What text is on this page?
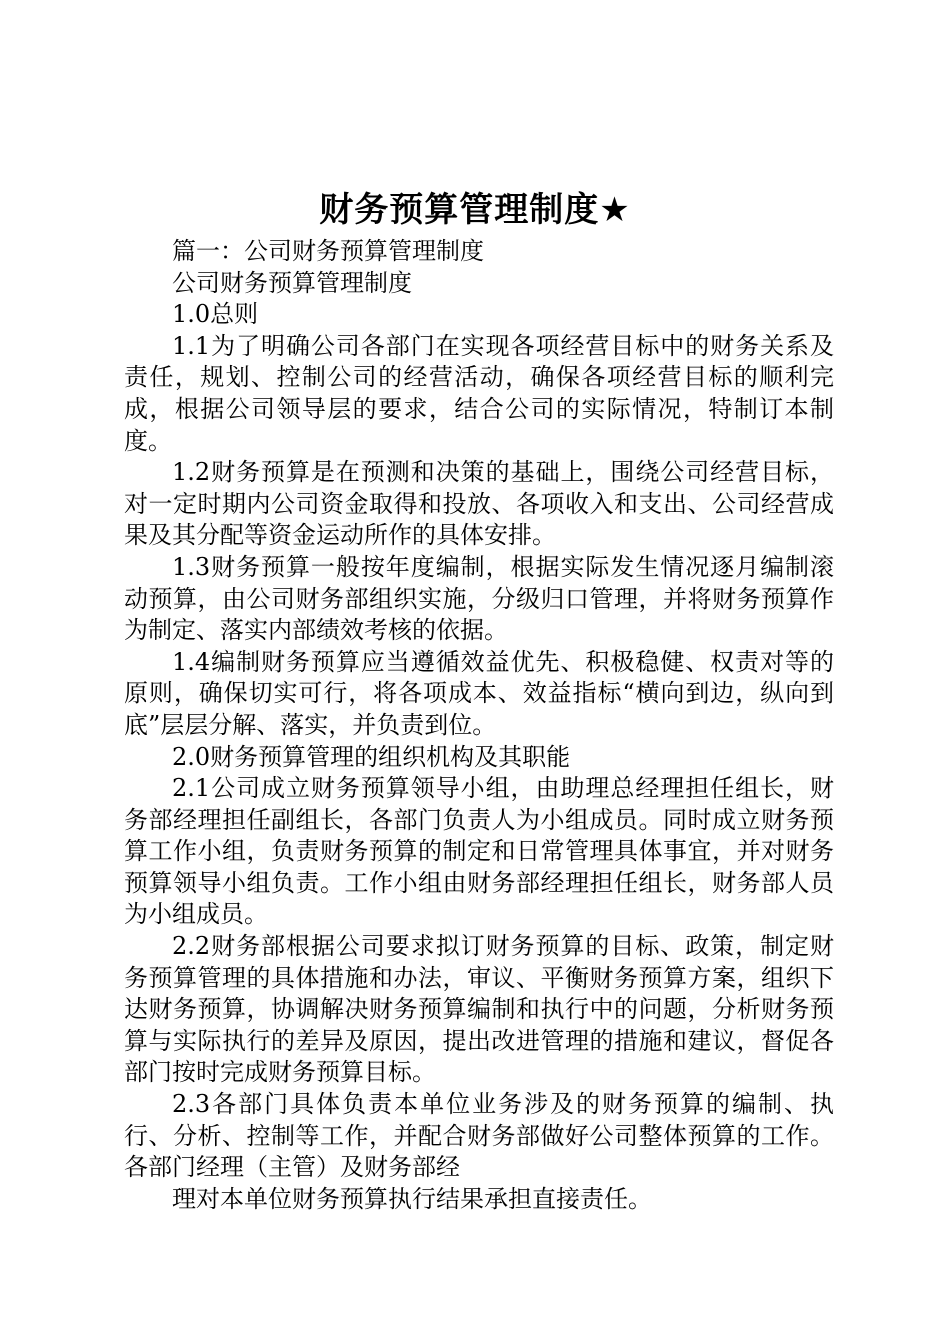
财务预算管理制度★

篇一：公司财务预算管理制度

公司财务预算管理制度

1.0总则

1.1为了明确公司各部门在实现各项经营目标中的财务关系及责任，规划、控制公司的经营活动，确保各项经营目标的顺利完成，根据公司领导层的要求，结合公司的实际情况，特制订本制度。

1.2财务预算是在预测和决策的基础上，围绕公司经营目标，对一定时期内公司资金取得和投放、各项收入和支出、公司经营成果及其分配等资金运动所作的具体安排。

1.3财务预算一般按年度编制，根据实际发生情况逐月编制滚动预算，由公司财务部组织实施，分级归口管理，并将财务预算作为制定、落实内部绩效考核的依据。

1.4编制财务预算应当遵循效益优先、积极稳健、权责对等的原则，确保切实可行，将各项成本、效益指标“横向到边，纵向到底”层层分解、落实，并负责到位。

2.0财务预算管理的组织机构及其职能

2.1公司成立财务预算领导小组，由助理总经理担任组长，财务部经理担任副组长，各部门负责人为小组成员。同时成立财务预算工作小组，负责财务预算的制定和日常管理具体事宜，并对财务预算领导小组负责。工作小组由财务部经理担任组长，财务部人员为小组成员。

2.2财务部根据公司要求拟订财务预算的目标、政策，制定财务预算管理的具体措施和办法，审议、平衡财务预算方案，组织下达财务预算，协调解决财务预算编制和执行中的问题，分析财务预算与实际执行的差异及原因，提出改进管理的措施和建议，督促各部门按时完成财务预算目标。

2.3各部门具体负责本单位业务涉及的财务预算的编制、执行、分析、控制等工作，并配合财务部做好公司整体预算的工作。各部门经理（主管）及财务部经

理对本单位财务预算执行结果承担直接责任。
